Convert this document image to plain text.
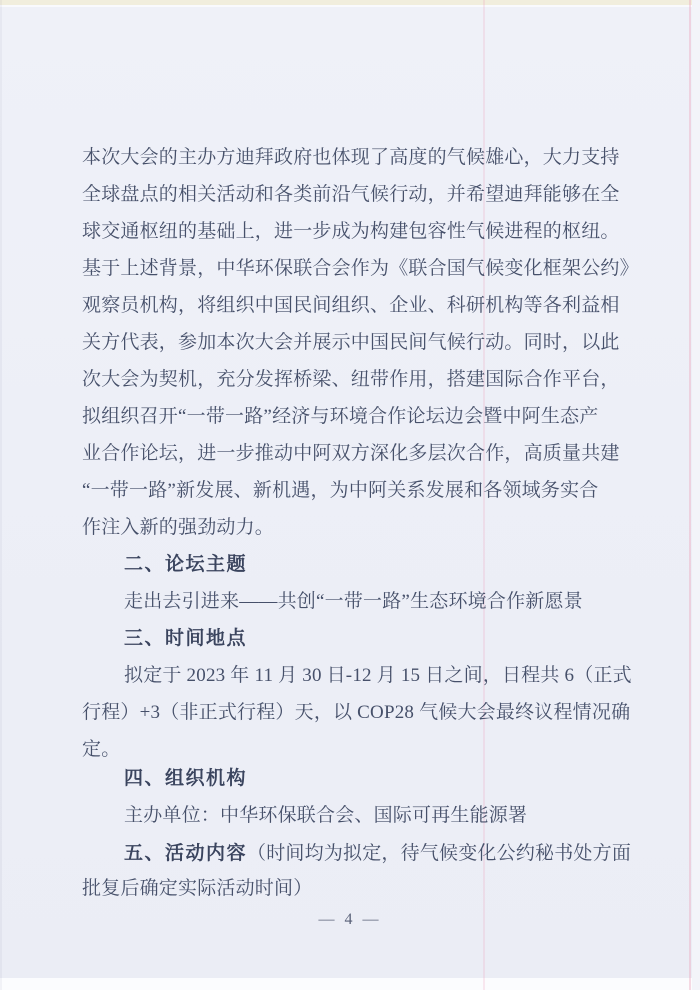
本次大会的主办方迪拜政府也体现了高度的气候雄心，大力支持
全球盘点的相关活动和各类前沿气候行动，并希望迪拜能够在全
球交通枢纽的基础上，进一步成为构建包容性气候进程的枢纽。
基于上述背景，中华环保联合会作为《联合国气候变化框架公约》
观察员机构，将组织中国民间组织、企业、科研机构等各利益相
关方代表，参加本次大会并展示中国民间气候行动。同时，以此
次大会为契机，充分发挥桥梁、纽带作用，搭建国际合作平台，
拟组织召开“一带一路”经济与环境合作论坛边会暨中阿生态产
业合作论坛，进一步推动中阿双方深化多层次合作，高质量共建
“一带一路”新发展、新机遇，为中阿关系发展和各领域务实合
作注入新的强劲动力。
二、论坛主题
走出去引进来——共创“一带一路”生态环境合作新愿景
三、时间地点
拟定于 2023 年 11 月 30 日-12 月 15 日之间，日程共 6（正式
行程）+3（非正式行程）天，以 COP28 气候大会最终议程情况确
定。
四、组织机构
主办单位：中华环保联合会、国际可再生能源署
五、活动内容（时间均为拟定，待气候变化公约秘书处方面
批复后确定实际活动时间）
— 4 —
